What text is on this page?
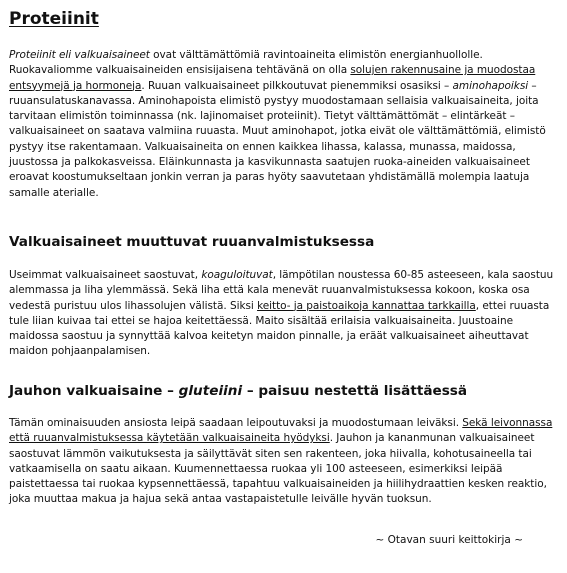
Proteiinit

Proteiinit eli valkuaisaineet ovat välttämättömiä ravintoaineita elimistön energianhuollolle. Ruokavaliomme valkuaisaineiden ensisijaisena tehtävänä on olla solujen rakennusaine ja muodostaa entsyymejä ja hormoneja. Ruuan valkuaisaineet pilkkoutuvat pienemmiksi osasiksi – aminohapoiksi – ruuansulatuskanavassa. Aminohapoista elimistö pystyy muodostamaan sellaisia valkuaisaineita, joita tarvitaan elimistön toiminnassa (nk. lajinomaiset proteiinit). Tietyt välttämättömät – elintärkeät – valkuaisaineet on saatava valmiina ruuasta. Muut aminohapot, jotka eivät ole välttämättömiä, elimistö pystyy itse rakentamaan. Valkuaisaineita on ennen kaikkea lihassa, kalassa, munassa, maidossa, juustossa ja palkokasveissa. Eläinkunnasta ja kasvikunnasta saatujen ruoka-aineiden valkuaisaineet eroavat koostumukseltaan jonkin verran ja paras hyöty saavutetaan yhdistämällä molempia laatuja samalle aterialle.

Valkuaisaineet muuttuvat ruuanvalmistuksessa

Useimmat valkuaisaineet saostuvat, koaguloituvat, lämpötilan noustessa 60-85 asteeseen, kala saostuu alemmassa ja liha ylemmässä. Sekä liha että kala menevät ruuanvalmistuksessa kokoon, koska osa vedestä puristuu ulos lihassolujen välistä. Siksi keitto- ja paistoaikoja kannattaa tarkkailla, ettei ruuasta tule liian kuivaa tai ettei se hajoa keitettäessä. Maito sisältää erilaisia valkuaisaineita. Juustoaine maidossa saostuu ja synnyttää kalvoa keitetyn maidon pinnalle, ja eräät valkuaisaineet aiheuttavat maidon pohjaanpalamisen.

Jauhon valkuaisaine – gluteiini – paisuu nestettä lisättäessä

Tämän ominaisuuden ansiosta leipä saadaan leipoutuvaksi ja muodostumaan leiväksi. Sekä leivonnassa että ruuanvalmistuksessa käytetään valkuaisaineita hyödyksi. Jauhon ja kananmunan valkuaisaineet saostuvat lämmön vaikutuksesta ja säilyttävät siten sen rakenteen, joka hiivalla, kohotusaineella tai vatkaamisella on saatu aikaan. Kuumennettaessa ruokaa yli 100 asteeseen, esimerkiksi leipää paistettaessa tai ruokaa kypsennettäessä, tapahtuu valkuaisaineiden ja hiilihydraattien kesken reaktio, joka muuttaa makua ja hajua sekä antaa vastapaistetulle leivälle hyvän tuoksun.

~ Otavan suuri keittokirja ~
